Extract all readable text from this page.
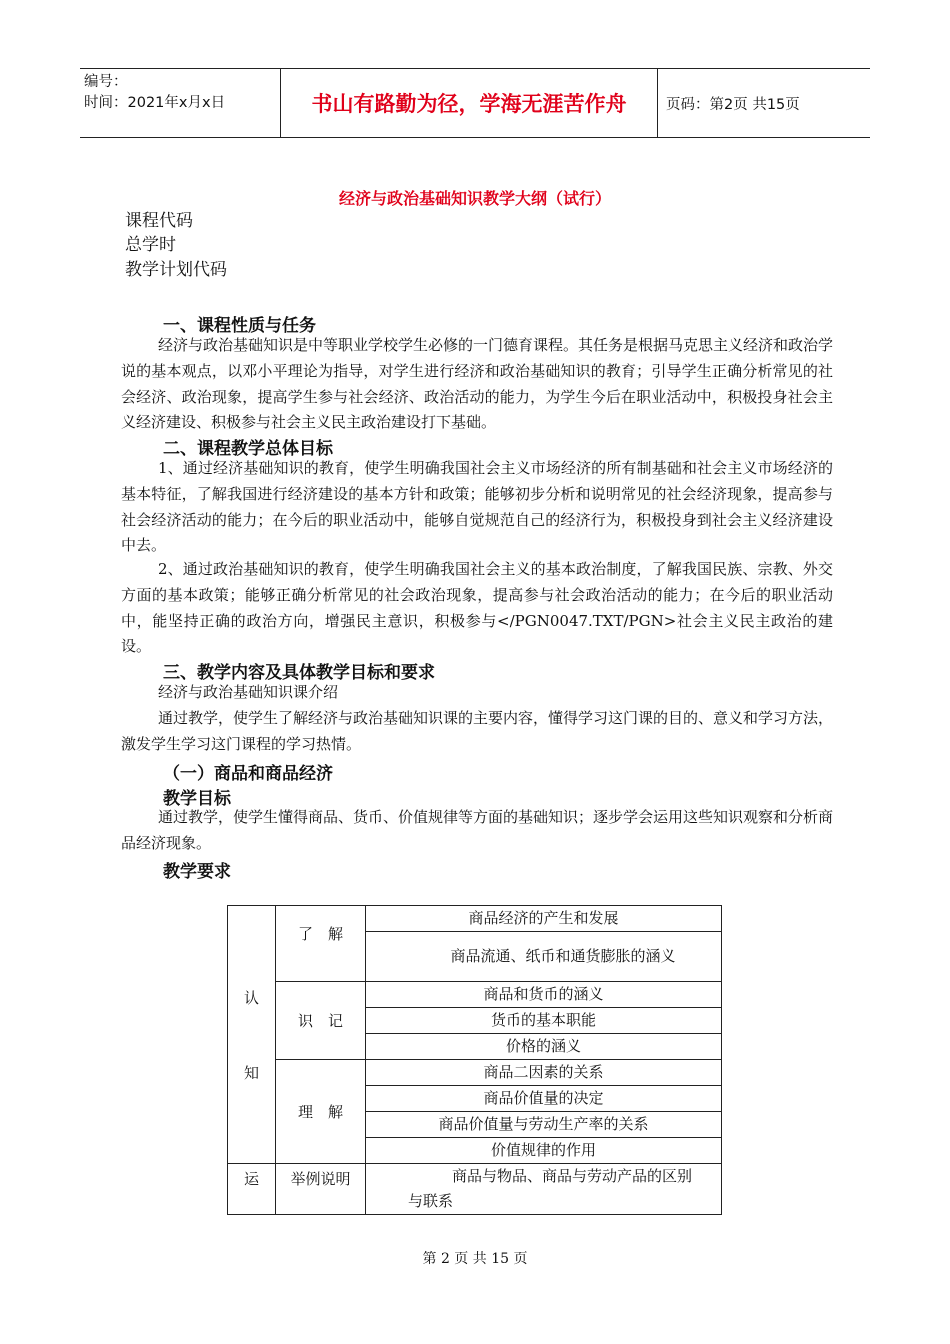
编号：
时间：2021年x月x日	书山有路勤为径，学海无涯苦作舟	页码：第2页 共15页
经济与政治基础知识教学大纲（试行）
课程代码
总学时
教学计划代码
一、课程性质与任务
经济与政治基础知识是中等职业学校学生必修的一门德育课程。其任务是根据马克思主义经济和政治学说的基本观点，以邓小平理论为指导，对学生进行经济和政治基础知识的教育；引导学生正确分析常见的社会经济、政治现象，提高学生参与社会经济、政治活动的能力，为学生今后在职业活动中，积极投身社会主义经济建设、积极参与社会主义民主政治建设打下基础。
二、课程教学总体目标
1、通过经济基础知识的教育，使学生明确我国社会主义市场经济的所有制基础和社会主义市场经济的基本特征，了解我国进行经济建设的基本方针和政策；能够初步分析和说明常见的社会经济现象，提高参与社会经济活动的能力；在今后的职业活动中，能够自觉规范自己的经济行为，积极投身到社会主义经济建设中去。
2、通过政治基础知识的教育，使学生明确我国社会主义的基本政治制度，了解我国民族、宗教、外交方面的基本政策；能够正确分析常见的社会政治现象，提高参与社会政治活动的能力；在今后的职业活动中，能坚持正确的政治方向，增强民主意识，积极参与</PGN0047.TXT/PGN>社会主义民主政治的建设。
三、教学内容及具体教学目标和要求
经济与政治基础知识课介绍
通过教学，使学生了解经济与政治基础知识课的主要内容，懂得学习这门课的目的、意义和学习方法，激发学生学习这门课程的学习热情。
（一）商品和商品经济
教学目标
通过教学，使学生懂得商品、货币、价值规律等方面的基础知识；逐步学会运用这些知识观察和分析商品经济现象。
教学要求
认
知	了　解	商品经济的产生和发展

		商品流通、纸币和通货膨胀的涵义

	识　记	商品和货币的涵义
		货币的基本职能
		价格的涵义
	理　解	商品二因素的关系
		商品价值量的决定
		商品价值量与劳动生产率的关系
		价值规律的作用
运	举例说明	商品与物品、商品与劳动产品的区别与联系
第 2 页 共 15 页
